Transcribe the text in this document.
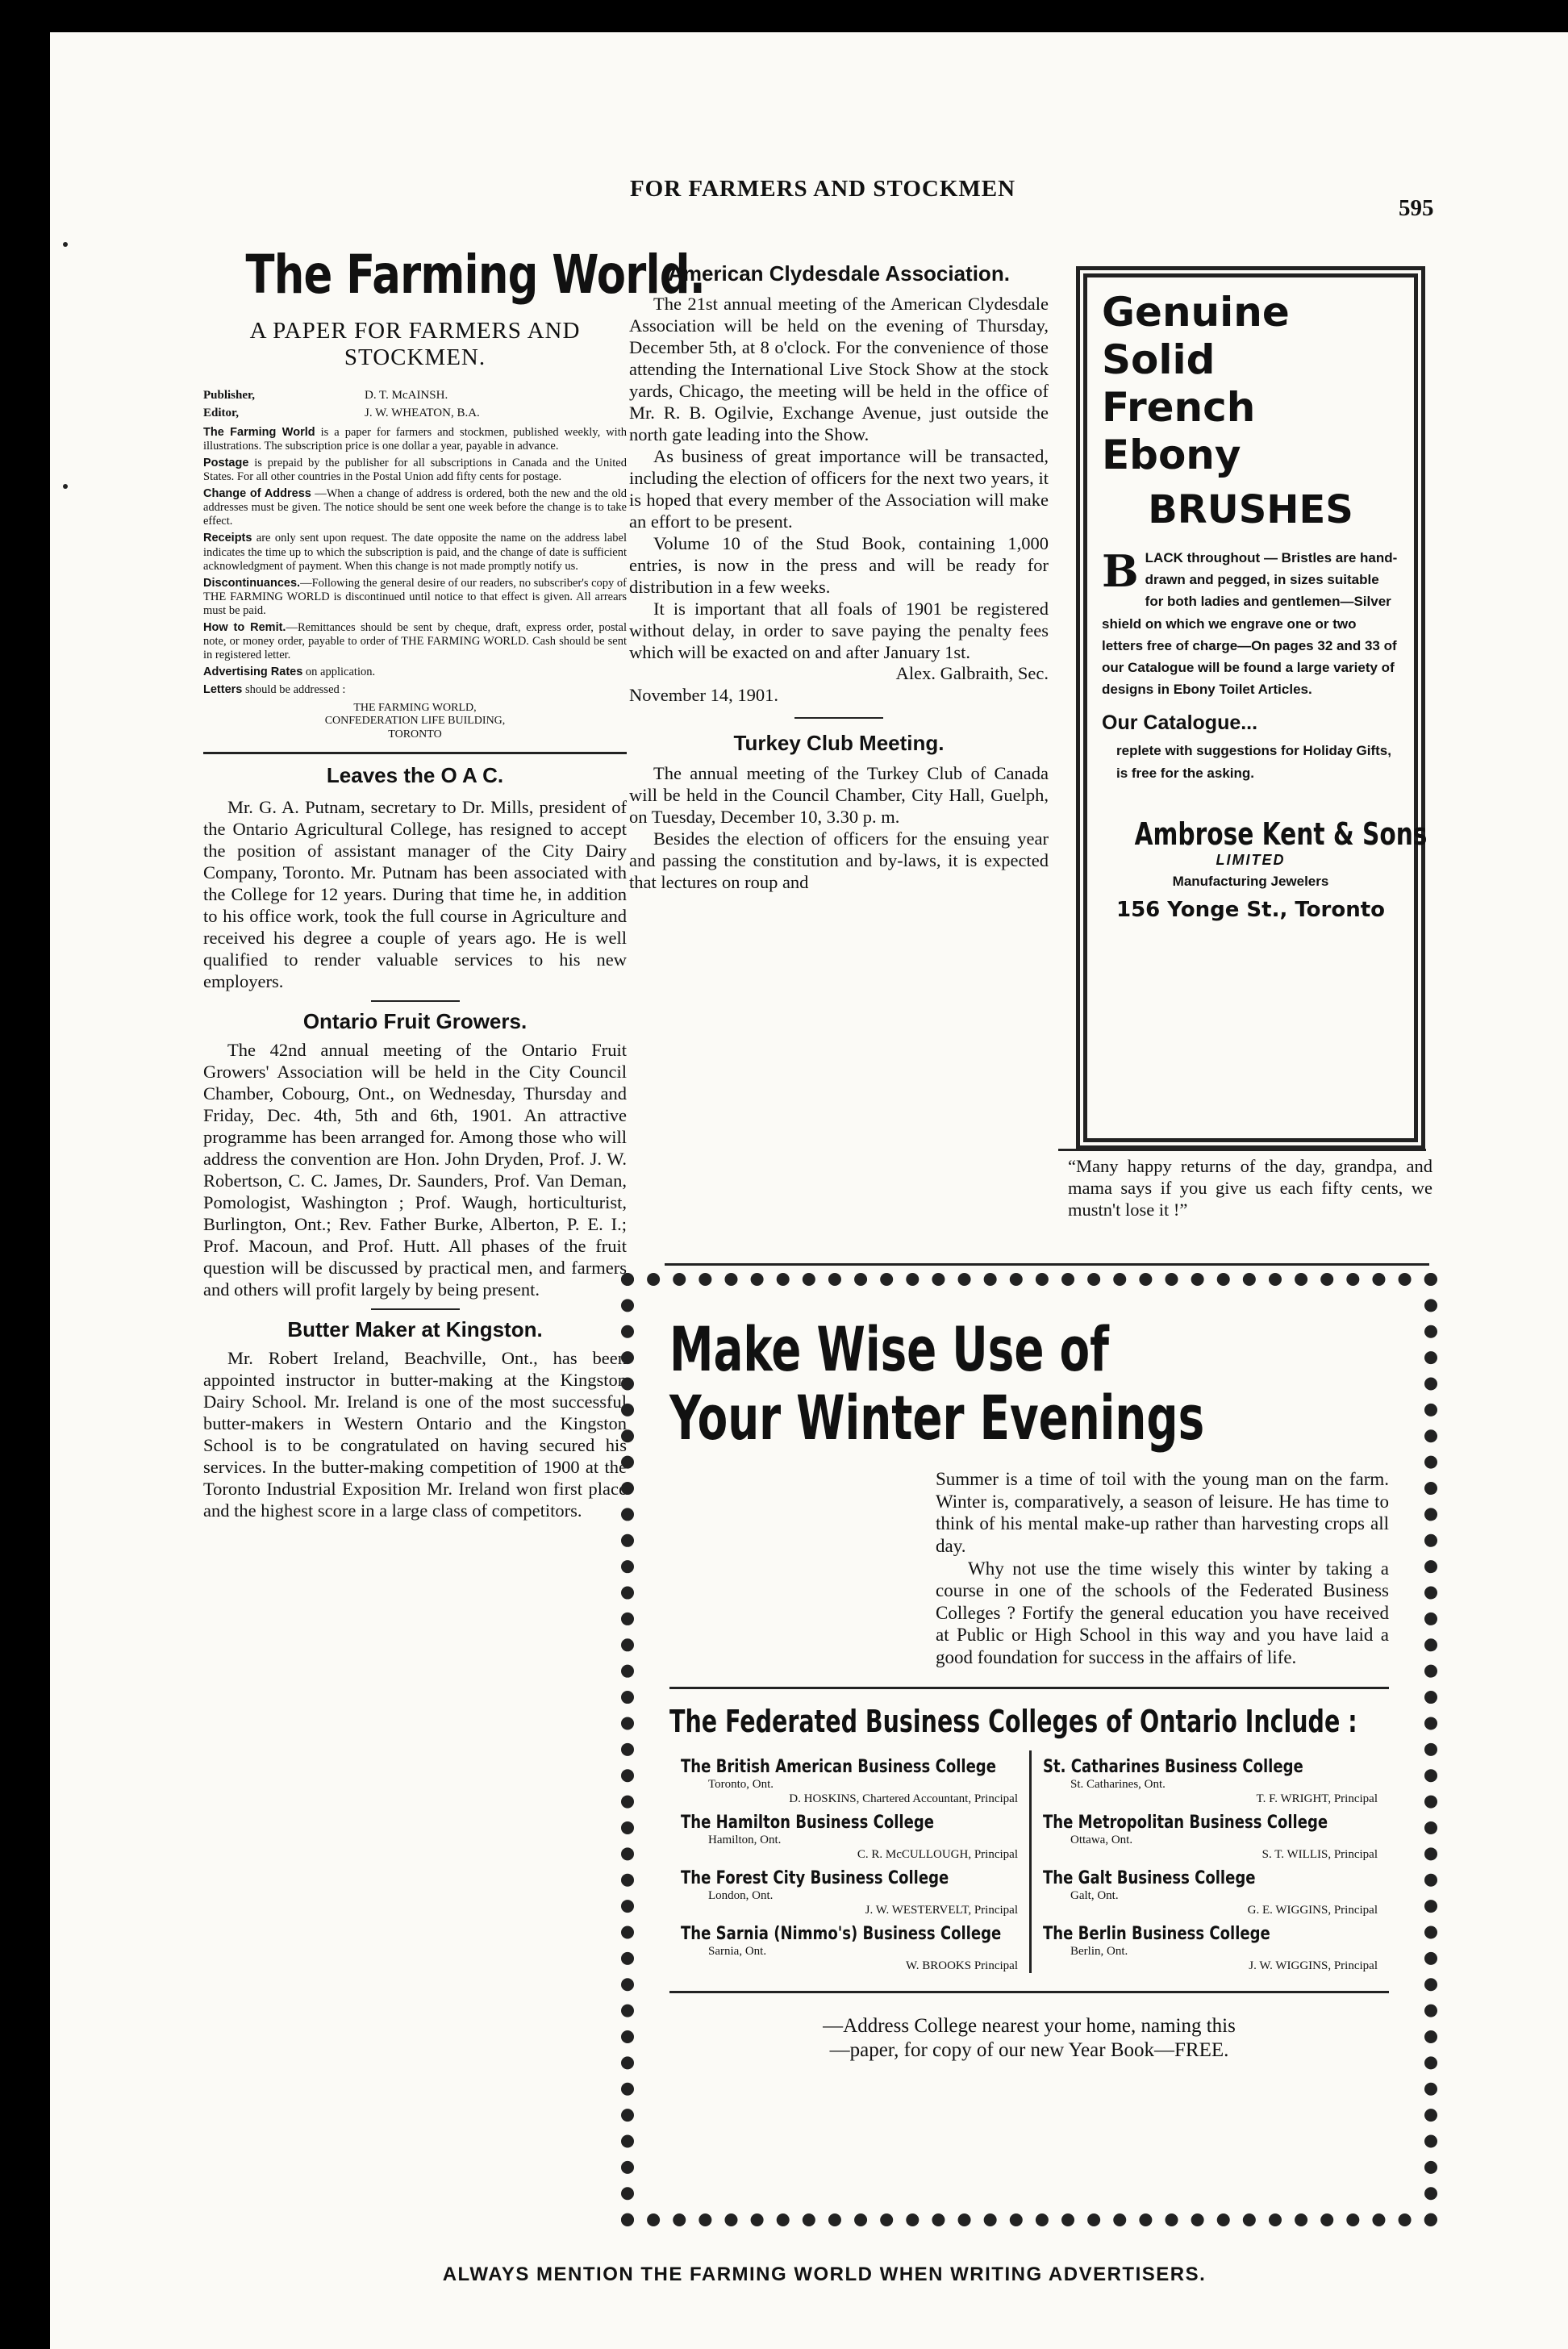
FOR FARMERS AND STOCKMEN
595
The Farming World.
A PAPER FOR FARMERS AND STOCKMEN.
Publisher,	D. T. McAINSH.
Editor,	J. W. WHEATON, B.A.

The Farming World is a paper for farmers and stockmen, published weekly, with illustrations. The subscription price is one dollar a year, payable in advance.

Postage is prepaid by the publisher for all subscriptions in Canada and the United States. For all other countries in the Postal Union add fifty cents for postage.

Change of Address —When a change of address is ordered, both the new and the old addresses must be given. The notice should be sent one week before the change is to take effect.

Receipts are only sent upon request. The date opposite the name on the address label indicates the time up to which the subscription is paid, and the change of date is sufficient acknowledgment of payment. When this change is not made promptly notify us.

Discontinuances.—Following the general desire of our readers, no subscriber's copy of THE FARMING WORLD is discontinued until notice to that effect is given. All arrears must be paid.

How to Remit.—Remittances should be sent by cheque, draft, express order, postal note, or money order, payable to order of THE FARMING WORLD. Cash should be sent in registered letter.

Advertising Rates on application.

Letters should be addressed :

THE FARMING WORLD,
CONFEDERATION LIFE BUILDING,
TORONTO
Leaves the O A C.
Mr. G. A. Putnam, secretary to Dr. Mills, president of the Ontario Agricultural College, has resigned to accept the position of assistant manager of the City Dairy Company, Toronto. Mr. Putnam has been associated with the College for 12 years. During that time he, in addition to his office work, took the full course in Agriculture and received his degree a couple of years ago. He is well qualified to render valuable services to his new employers.
Ontario Fruit Growers.
The 42nd annual meeting of the Ontario Fruit Growers' Association will be held in the City Council Chamber, Cobourg, Ont., on Wednesday, Thursday and Friday, Dec. 4th, 5th and 6th, 1901. An attractive programme has been arranged for. Among those who will address the convention are Hon. John Dryden, Prof. J. W. Robertson, C. C. James, Dr. Saunders, Prof. Van Deman, Pomologist, Washington ; Prof. Waugh, horticulturist, Burlington, Ont.; Rev. Father Burke, Alberton, P. E. I.; Prof. Macoun, and Prof. Hutt. All phases of the fruit question will be discussed by practical men, and farmers and others will profit largely by being present.
Butter Maker at Kingston.
Mr. Robert Ireland, Beachville, Ont., has been appointed instructor in butter-making at the Kingston Dairy School. Mr. Ireland is one of the most successful butter-makers in Western Ontario and the Kingston School is to be congratulated on having secured his services. In the butter-making competition of 1900 at the Toronto Industrial Exposition Mr. Ireland won first place and the highest score in a large class of competitors.
American Clydesdale Association.
The 21st annual meeting of the American Clydesdale Association will be held on the evening of Thursday, December 5th, at 8 o'clock. For the convenience of those attending the International Live Stock Show at the stock yards, Chicago, the meeting will be held in the office of Mr. R. B. Ogilvie, Exchange Avenue, just outside the north gate leading into the Show.
As business of great importance will be transacted, including the election of officers for the next two years, it is hoped that every member of the Association will make an effort to be present.
Volume 10 of the Stud Book, containing 1,000 entries, is now in the press and will be ready for distribution in a few weeks.
It is important that all foals of 1901 be registered without delay, in order to save paying the penalty fees which will be exacted on and after January 1st.
Alex. Galbraith, Sec.
November 14, 1901.
Turkey Club Meeting.
The annual meeting of the Turkey Club of Canada will be held in the Council Chamber, City Hall, Guelph, on Tuesday, December 10, 3.30 p. m.
Besides the election of officers for the ensuing year and passing the constitution and by-laws, it is expected that lectures on roup and
Genuine
Solid
French
Ebony
BRUSHES
BLACK throughout — Bristles are hand-drawn and pegged, in sizes suitable for both ladies and gentlemen—Silver shield on which we engrave one or two letters free of charge—On pages 32 and 33 of our Catalogue will be found a large variety of designs in Ebony Toilet Articles.
Our Catalogue...
replete with suggestions for Holiday Gifts, is free for the asking.
Ambrose Kent & Sons
LIMITED
Manufacturing Jewelers
156 Yonge St., Toronto
“Many happy returns of the day, grandpa, and mama says if you give us each fifty cents, we mustn't lose it !”
Make Wise Use of
Your Winter Evenings

Summer is a time of toil with the young man on the farm. Winter is, comparatively, a season of leisure. He has time to think of his mental make-up rather than harvesting crops all day.

Why not use the time wisely this winter by taking a course in one of the schools of the Federated Business Colleges ? Fortify the general education you have received at Public or High School in this way and you have laid a good foundation for success in the affairs of life.

The Federated Business Colleges of Ontario Include :
The British American Business College
Toronto, Ont.
D. HOSKINS, Chartered Accountant, Principal
The Hamilton Business College
Hamilton, Ont.
C. R. McCULLOUGH, Principal
The Forest City Business College
London, Ont.
J. W. WESTERVELT, Principal
The Sarnia (Nimmo's) Business College
Sarnia, Ont.
W. BROOKS Principal
St. Catharines Business College
St. Catharines, Ont.
T. F. WRIGHT, Principal
The Metropolitan Business College
Ottawa, Ont.
S. T. WILLIS, Principal
The Galt Business College
Galt, Ont.
G. E. WIGGINS, Principal
The Berlin Business College
Berlin, Ont.
J. W. WIGGINS, Principal
—Address College nearest your home, naming this
—paper, for copy of our new Year Book—FREE.
ALWAYS MENTION THE FARMING WORLD WHEN WRITING ADVERTISERS.
